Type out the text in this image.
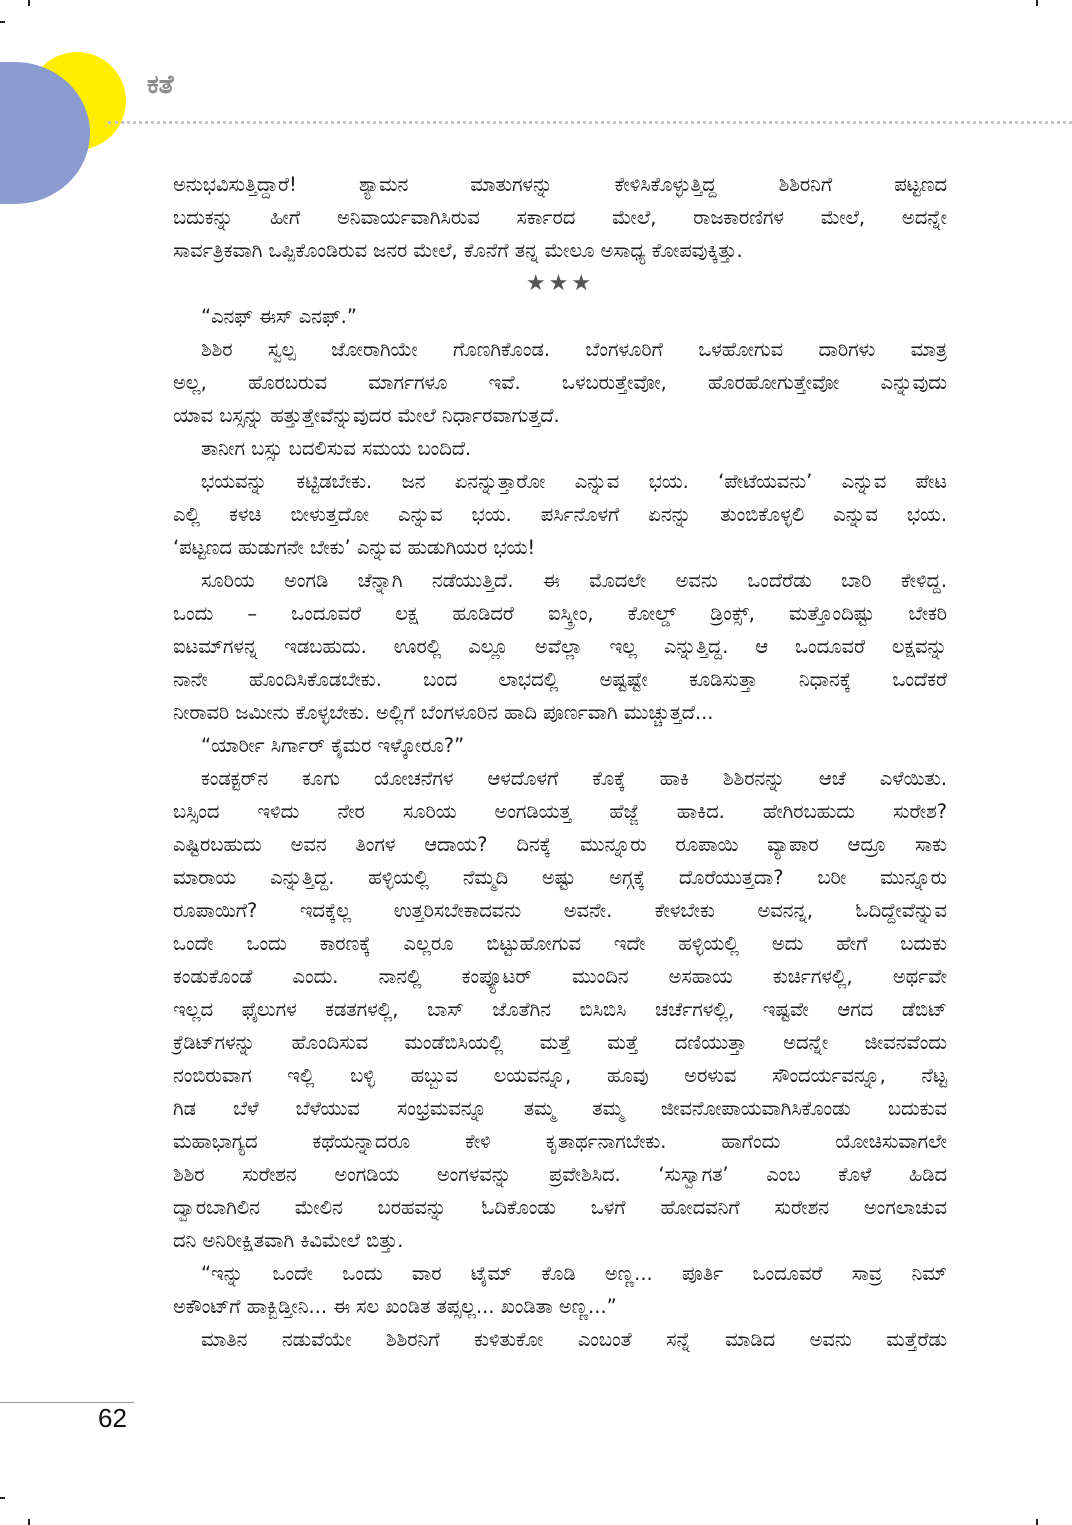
ಕತೆ
ಅನುಭವಿಸುತ್ತಿದ್ದಾರೆ! ಶ್ಯಾಮನ ಮಾತುಗಳನ್ನು ಕೇಳಿಸಿಕೊಳ್ಳುತ್ತಿದ್ದ ಶಿಶಿರನಿಗೆ ಪಟ್ಟಣದ
ಬದುಕನ್ನು ಹೀಗೆ ಅನಿವಾರ್ಯವಾಗಿಸಿರುವ ಸರ್ಕಾರದ ಮೇಲೆ, ರಾಜಕಾರಣಿಗಳ ಮೇಲೆ, ಅದನ್ನೇ
ಸಾರ್ವತ್ರಿಕವಾಗಿ ಒಪ್ಪಿಕೊಂಡಿರುವ ಜನರ ಮೇಲೆ, ಕೊನೆಗೆ ತನ್ನ ಮೇಲೂ ಅಸಾಧ್ಯ ಕೋಪವುಕ್ಕಿತ್ತು.
★★★
“ಎನಫ್ ಈಸ್ ಎನಫ್.”
ಶಿಶಿರ ಸ್ವಲ್ಪ ಜೋರಾಗಿಯೇ ಗೊಣಗಿಕೊಂಡ. ಬೆಂಗಳೂರಿಗೆ ಒಳಹೋಗುವ ದಾರಿಗಳು ಮಾತ್ರ
ಅಲ್ಲ, ಹೊರಬರುವ ಮಾರ್ಗಗಳೂ ಇವೆ. ಒಳಬರುತ್ತೇವೋ, ಹೊರಹೋಗುತ್ತೇವೋ ಎನ್ನುವುದು
ಯಾವ ಬಸ್ಸನ್ನು ಹತ್ತುತ್ತೇವೆನ್ನುವುದರ ಮೇಲೆ ನಿರ್ಧಾರವಾಗುತ್ತದೆ.
ತಾನೀಗ ಬಸ್ಸು ಬದಲಿಸುವ ಸಮಯ ಬಂದಿದೆ.
ಭಯವನ್ನು ಕಟ್ಟಿಡಬೇಕು. ಜನ ಏನನ್ನುತ್ತಾರೋ ಎನ್ನುವ ಭಯ. ‘ಪೇಟೆಯವನು’ ಎನ್ನುವ ಪೇಟ
ಎಲ್ಲಿ ಕಳಚಿ ಬೀಳುತ್ತದೋ ಎನ್ನುವ ಭಯ. ಪರ್ಸಿನೊಳಗೆ ಏನನ್ನು ತುಂಬಿಕೊಳ್ಳಲಿ ಎನ್ನುವ ಭಯ.
‘ಪಟ್ಟಣದ ಹುಡುಗನೇ ಬೇಕು’ ಎನ್ನುವ ಹುಡುಗಿಯರ ಭಯ!
ಸೂರಿಯ ಅಂಗಡಿ ಚೆನ್ನಾಗಿ ನಡೆಯುತ್ತಿದೆ. ಈ ಮೊದಲೇ ಅವನು ಒಂದೆರೆಡು ಬಾರಿ ಕೇಳಿದ್ದ.
ಒಂದು – ಒಂದೂವರೆ ಲಕ್ಷ ಹೂಡಿದರೆ ಐಸ್ಕ್ರೀಂ, ಕೋಲ್ಡ್ ಡ್ರಿಂಕ್ಸ್, ಮತ್ತೊಂದಿಷ್ಟು ಬೇಕರಿ
ಐಟಮ್‌ಗಳನ್ನ ಇಡಬಹುದು. ಊರಲ್ಲಿ ಎಲ್ಲೂ ಅವೆಲ್ಲಾ ಇಲ್ಲ ಎನ್ನುತ್ತಿದ್ದ. ಆ ಒಂದೂವರೆ ಲಕ್ಷವನ್ನು
ನಾನೇ ಹೊಂದಿಸಿಕೊಡಬೇಕು. ಬಂದ ಲಾಭದಲ್ಲಿ ಅಷ್ಟಷ್ಟೇ ಕೂಡಿಸುತ್ತಾ ನಿಧಾನಕ್ಕೆ ಒಂದೆಕರೆ
ನೀರಾವರಿ ಜಮೀನು ಕೊಳ್ಳಬೇಕು. ಅಲ್ಲಿಗೆ ಬೆಂಗಳೂರಿನ ಹಾದಿ ಪೂರ್ಣವಾಗಿ ಮುಚ್ಚುತ್ತದೆ...
“ಯಾರ್ರೀ ಸಿರ್ಗಾರ್ ಕೈಮರ ಇಳ್ಕೋರೂ?”
ಕಂಡಕ್ಟರ್‌ನ ಕೂಗು ಯೋಚನೆಗಳ ಆಳದೊಳಗೆ ಕೊಕ್ಕೆ ಹಾಕಿ ಶಿಶಿರನನ್ನು ಆಚೆ ಎಳೆಯಿತು.
ಬಸ್ಸಿಂದ ಇಳಿದು ನೇರ ಸೂರಿಯ ಅಂಗಡಿಯತ್ತ ಹೆಜ್ಜೆ ಹಾಕಿದ. ಹೇಗಿರಬಹುದು ಸುರೇಶ?
ಎಷ್ಟಿರಬಹುದು ಅವನ ತಿಂಗಳ ಆದಾಯ? ದಿನಕ್ಕೆ ಮುನ್ನೂರು ರೂಪಾಯಿ ವ್ಯಾಪಾರ ಆದ್ರೂ ಸಾಕು
ಮಾರಾಯ ಎನ್ನುತ್ತಿದ್ದ. ಹಳ್ಳಿಯಲ್ಲಿ ನೆಮ್ಮದಿ ಅಷ್ಟು ಅಗ್ಗಕ್ಕೆ ದೊರೆಯುತ್ತದಾ? ಬರೀ ಮುನ್ನೂರು
ರೂಪಾಯಿಗೆ? ಇದಕ್ಕೆಲ್ಲ ಉತ್ತರಿಸಬೇಕಾದವನು ಅವನೇ. ಕೇಳಬೇಕು ಅವನನ್ನ, ಓದಿದ್ದೇವೆನ್ನುವ
ಒಂದೇ ಒಂದು ಕಾರಣಕ್ಕೆ ಎಲ್ಲರೂ ಬಿಟ್ಟುಹೋಗುವ ಇದೇ ಹಳ್ಳಿಯಲ್ಲಿ ಅದು ಹೇಗೆ ಬದುಕು
ಕಂಡುಕೊಂಡೆ ಎಂದು. ನಾನಲ್ಲಿ ಕಂಪ್ಯೂಟರ್ ಮುಂದಿನ ಅಸಹಾಯ ಕುರ್ಚಿಗಳಲ್ಲಿ, ಅರ್ಥವೇ
ಇಲ್ಲದ ಫೈಲುಗಳ ಕಡತಗಳಲ್ಲಿ, ಬಾಸ್ ಜೊತೆಗಿನ ಬಿಸಿಬಿಸಿ ಚರ್ಚೆಗಳಲ್ಲಿ, ಇಷ್ಟವೇ ಆಗದ ಡೆಬಿಟ್
ಕ್ರೆಡಿಟ್‌ಗಳನ್ನು ಹೊಂದಿಸುವ ಮಂಡೆಬಿಸಿಯಲ್ಲಿ ಮತ್ತೆ ಮತ್ತೆ ದಣಿಯುತ್ತಾ ಅದನ್ನೇ ಜೀವನವೆಂದು
ನಂಬಿರುವಾಗ ಇಲ್ಲಿ ಬಳ್ಳಿ ಹಬ್ಬುವ ಲಯವನ್ನೂ, ಹೂವು ಅರಳುವ ಸೌಂದರ್ಯವನ್ನೂ, ನೆಟ್ಟ
ಗಿಡ ಬೆಳೆ ಬೆಳೆಯುವ ಸಂಭ್ರಮವನ್ನೂ ತಮ್ಮ ತಮ್ಮ ಜೀವನೋಪಾಯವಾಗಿಸಿಕೊಂಡು ಬದುಕುವ
ಮಹಾಭಾಗ್ಯದ ಕಥೆಯನ್ನಾದರೂ ಕೇಳಿ ಕೃತಾರ್ಥನಾಗಬೇಕು. ಹಾಗೆಂದು ಯೋಚಿಸುವಾಗಲೇ
ಶಿಶಿರ ಸುರೇಶನ ಅಂಗಡಿಯ ಅಂಗಳವನ್ನು ಪ್ರವೇಶಿಸಿದ. ‘ಸುಸ್ವಾಗತ’ ಎಂಬ ಕೊಳೆ ಹಿಡಿದ
ದ್ವಾರಬಾಗಿಲಿನ ಮೇಲಿನ ಬರಹವನ್ನು ಓದಿಕೊಂಡು ಒಳಗೆ ಹೋದವನಿಗೆ ಸುರೇಶನ ಅಂಗಲಾಚುವ
ದನಿ ಅನಿರೀಕ್ಷಿತವಾಗಿ ಕಿವಿಮೇಲೆ ಬಿತ್ತು.
“ಇನ್ನು ಒಂದೇ ಒಂದು ವಾರ ಟೈಮ್ ಕೊಡಿ ಅಣ್ಣ... ಪೂರ್ತಿ ಒಂದೂವರೆ ಸಾವ್ರ ನಿಮ್
ಅಕೌಂಟ್‌ಗೆ ಹಾಕ್ಬಿಡ್ತೀನಿ... ಈ ಸಲ ಖಂಡಿತ ತಪ್ಸಲ್ಲ... ಖಂಡಿತಾ ಅಣ್ಣ...”
ಮಾತಿನ ನಡುವೆಯೇ ಶಿಶಿರನಿಗೆ ಕುಳಿತುಕೋ ಎಂಬಂತೆ ಸನ್ನೆ ಮಾಡಿದ ಅವನು ಮತ್ತೆರೆಡು
62
